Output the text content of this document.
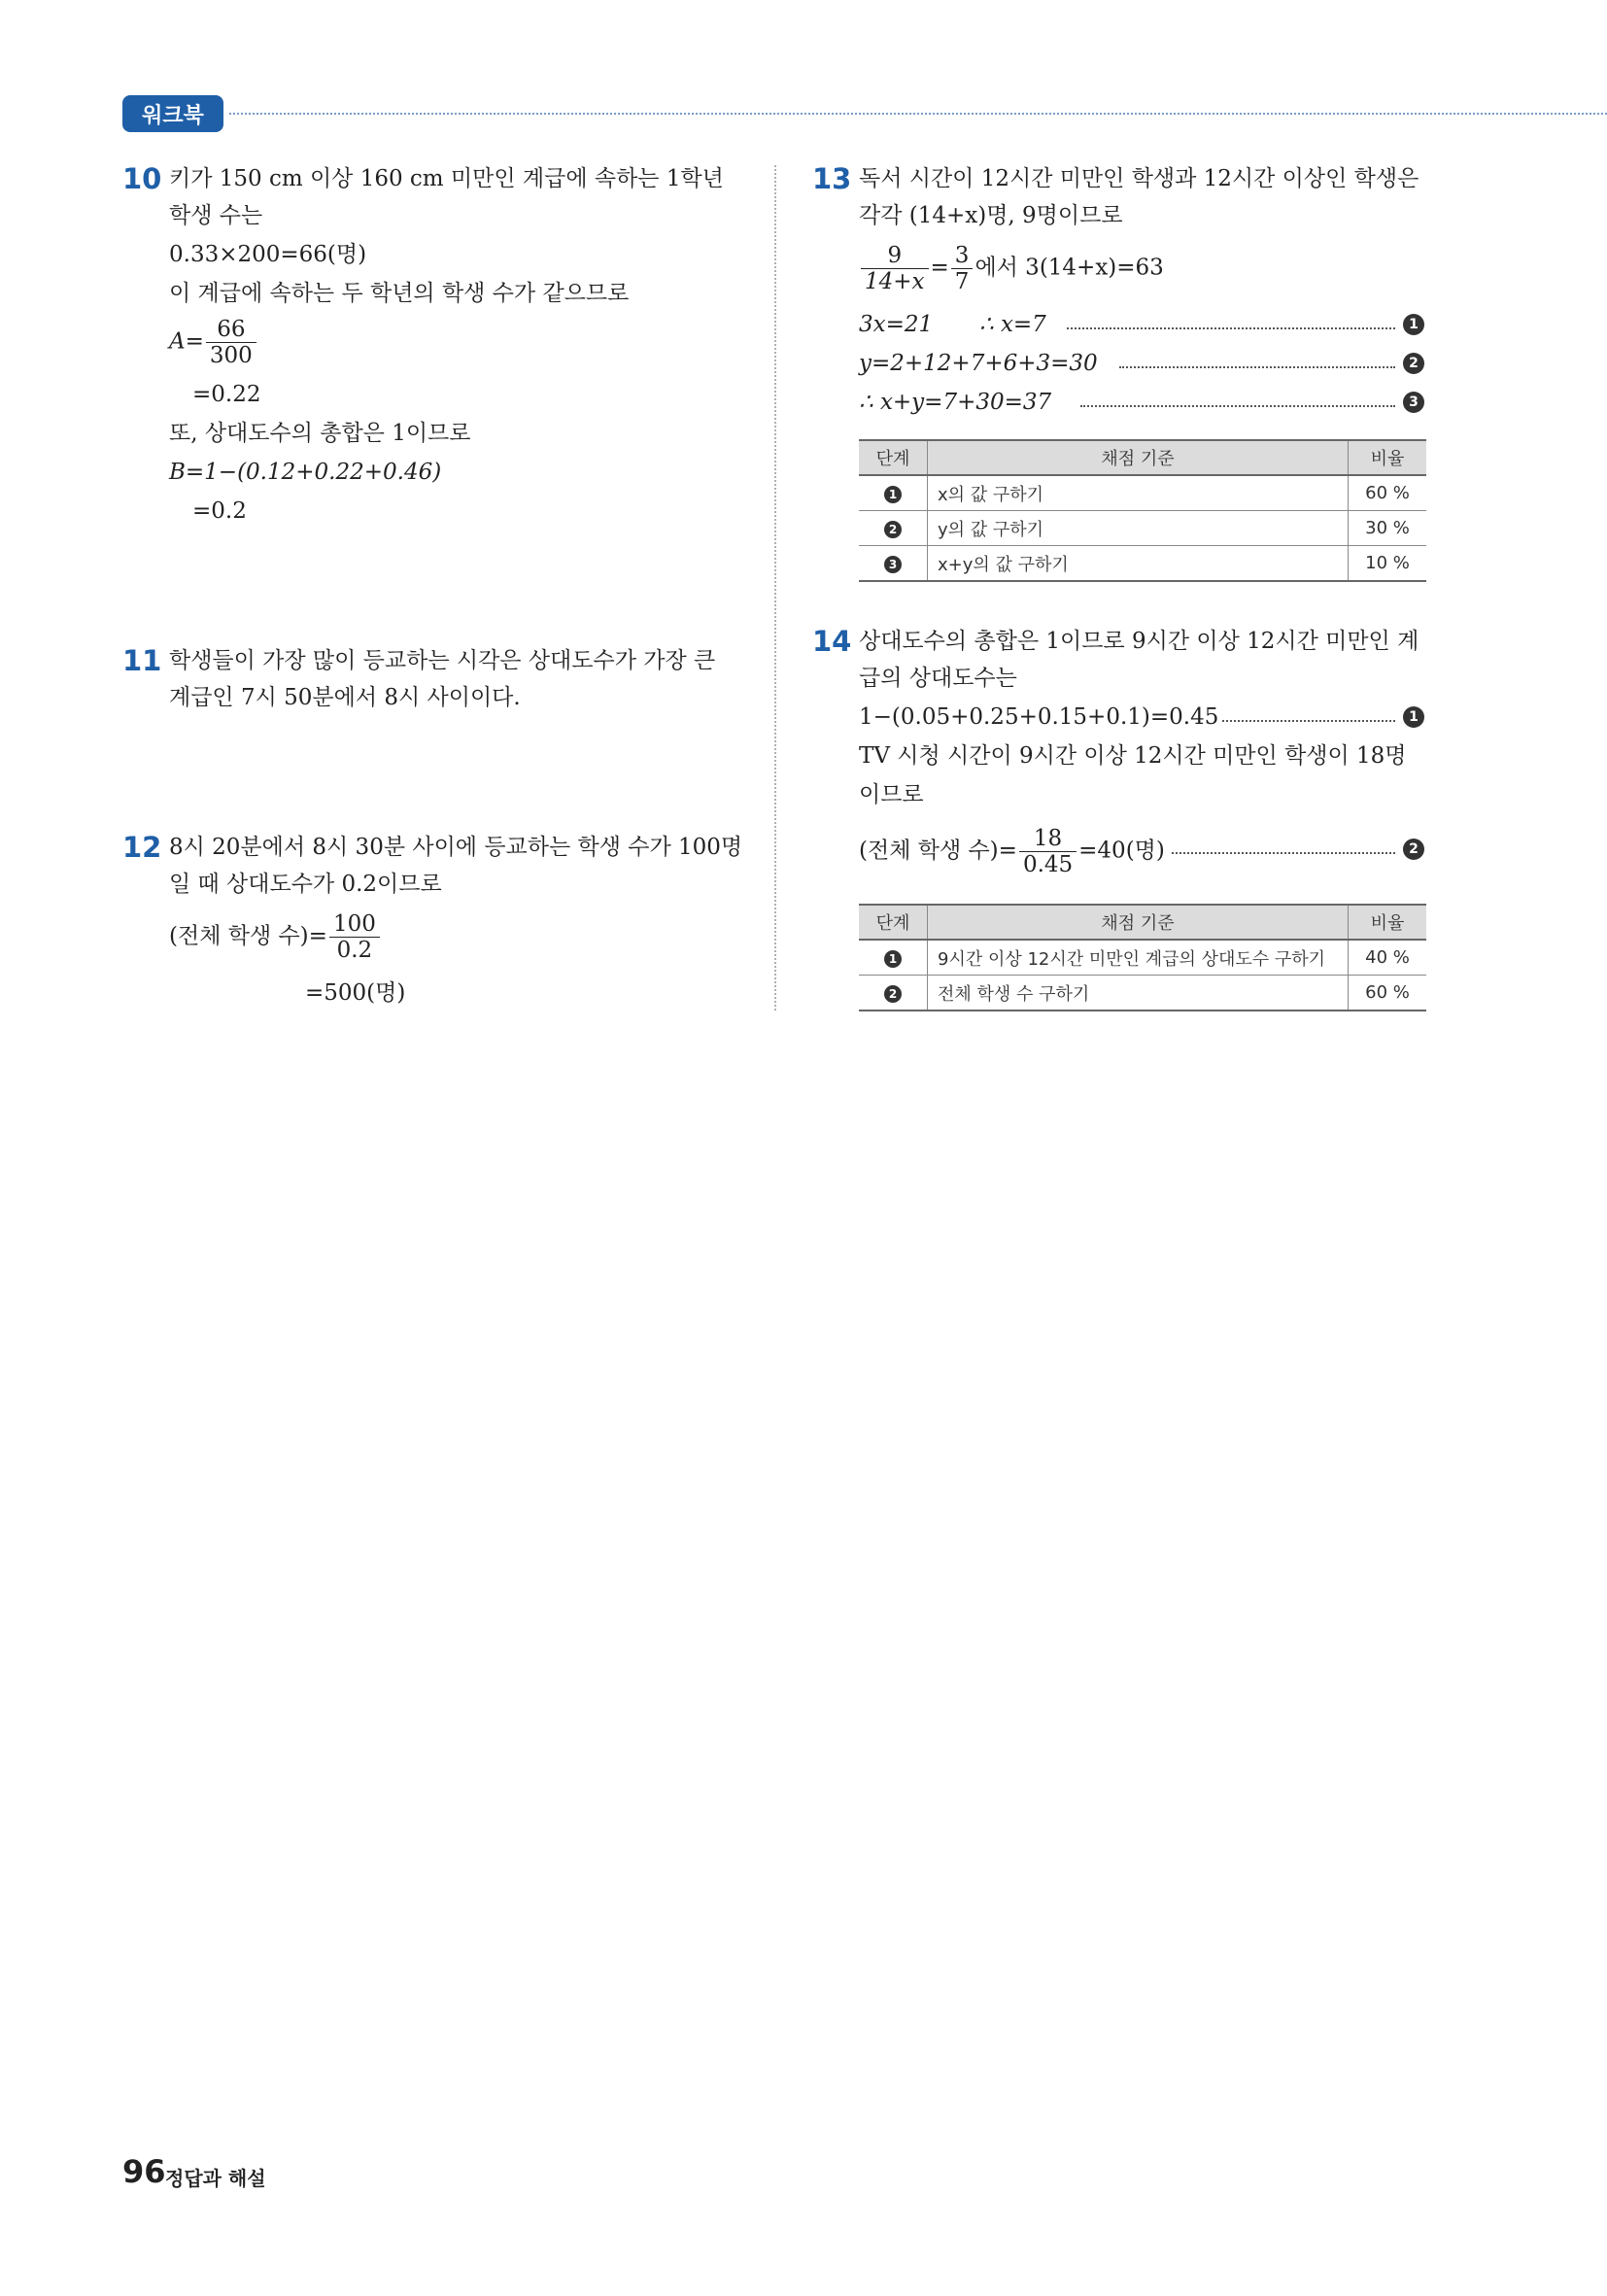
워크북
10 키가 150 cm 이상 160 cm 미만인 계급에 속하는 1학년
학생 수는
0.33×200=66(명)
이 계급에 속하는 두 학년의 학생 수가 같으므로
$A= \frac{66}{300}$
=0.22
또, 상대도수의 총합은 1이므로
B=1−(0.12+0.22+0.46)
=0.2
11 학생들이 가장 많이 등교하는 시각은 상대도수가 가장 큰
계급인 7시 50분에서 8시 사이이다.
12 8시 20분에서 8시 30분 사이에 등교하는 학생 수가 100명
일 때 상대도수가 0.2이므로
(전체 학생 수)= $\frac{100}{0.2}$
=500(명)
13 독서 시간이 12시간 미만인 학생과 12시간 이상인 학생은
각각 (14+x)명, 9명이므로
$\frac{9}{14+x} = \frac{3}{7}$ 에서 3(14+x)=63
3x=21 ∴ x=7	1
y=2+12+7+6+3=30	2
∴ x+y=7+30=37	3
단계	채점 기준	비율
1	x의 값 구하기	60 %
2	y의 값 구하기	30 %
3	x+y의 값 구하기	10 %
14 상대도수의 총합은 1이므로 9시간 이상 12시간 미만인 계
급의 상대도수는
1−(0.05+0.25+0.15+0.1)=0.45	1
TV 시청 시간이 9시간 이상 12시간 미만인 학생이 18명
이므로
(전체 학생 수)= $\frac{18}{0.45} =40$(명)	2
단계	채점 기준	비율
1	9시간 이상 12시간 미만인 계급의 상대도수 구하기	40 %
2	전체 학생 수 구하기	60 %
96 정답과 해설
